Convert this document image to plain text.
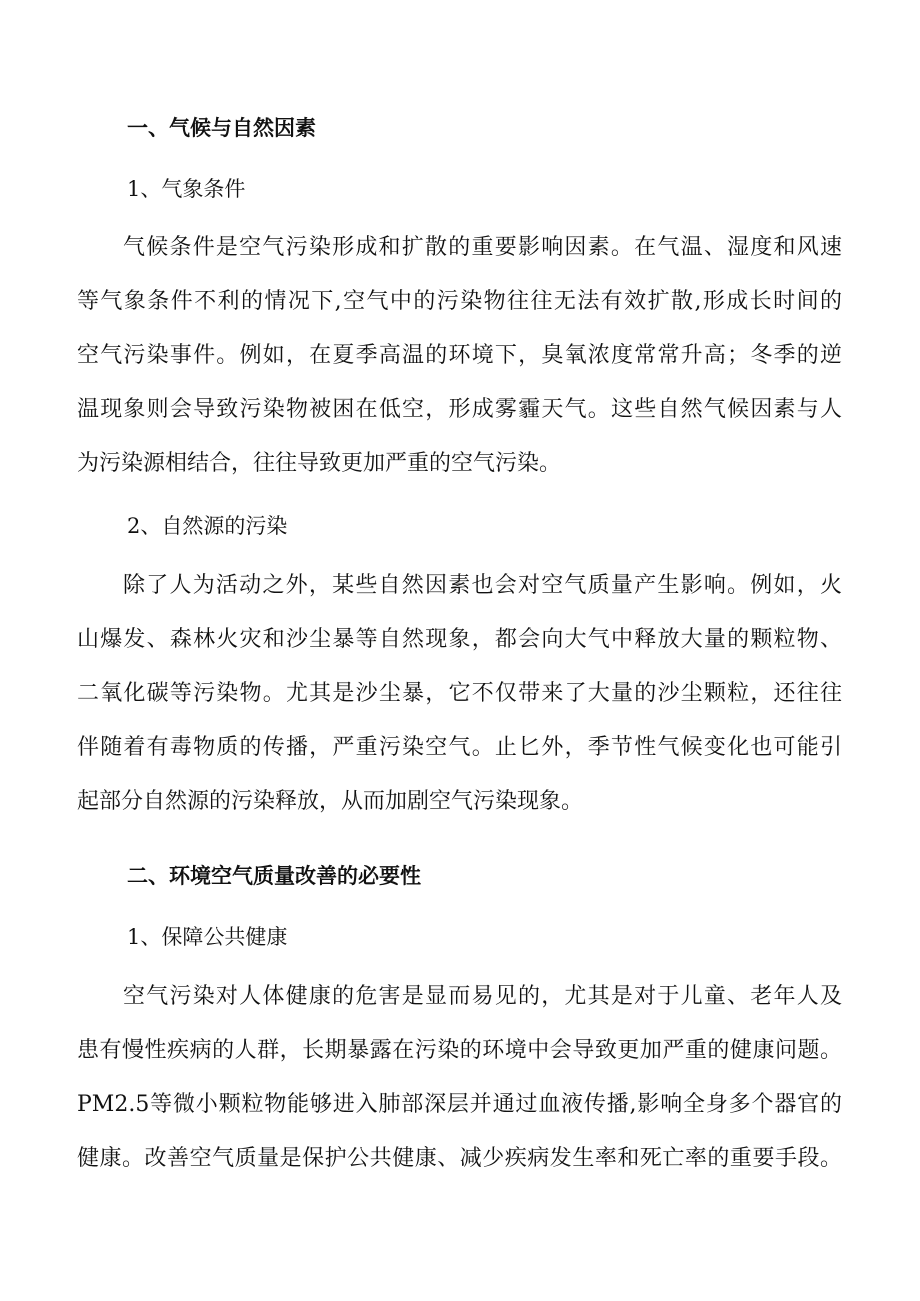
一、气候与自然因素

1、气象条件

气候条件是空气污染形成和扩散的重要影响因素。在气温、湿度和风速

等气象条件不利的情况下,空气中的污染物往往无法有效扩散,形成长时间的

空气污染事件。例如，在夏季高温的环境下，臭氧浓度常常升高；冬季的逆

温现象则会导致污染物被困在低空，形成雾霾天气。这些自然气候因素与人

为污染源相结合，往往导致更加严重的空气污染。

2、自然源的污染

除了人为活动之外，某些自然因素也会对空气质量产生影响。例如，火

山爆发、森林火灾和沙尘暴等自然现象，都会向大气中释放大量的颗粒物、

二氧化碳等污染物。尤其是沙尘暴，它不仅带来了大量的沙尘颗粒，还往往

伴随着有毒物质的传播，严重污染空气。止匕外，季节性气候变化也可能引

起部分自然源的污染释放，从而加剧空气污染现象。

二、环境空气质量改善的必要性

1、保障公共健康

空气污染对人体健康的危害是显而易见的，尤其是对于儿童、老年人及

患有慢性疾病的人群，长期暴露在污染的环境中会导致更加严重的健康问题。

PM2.5等微小颗粒物能够进入肺部深层并通过血液传播,影响全身多个器官的

健康。改善空气质量是保护公共健康、减少疾病发生率和死亡率的重要手段。
